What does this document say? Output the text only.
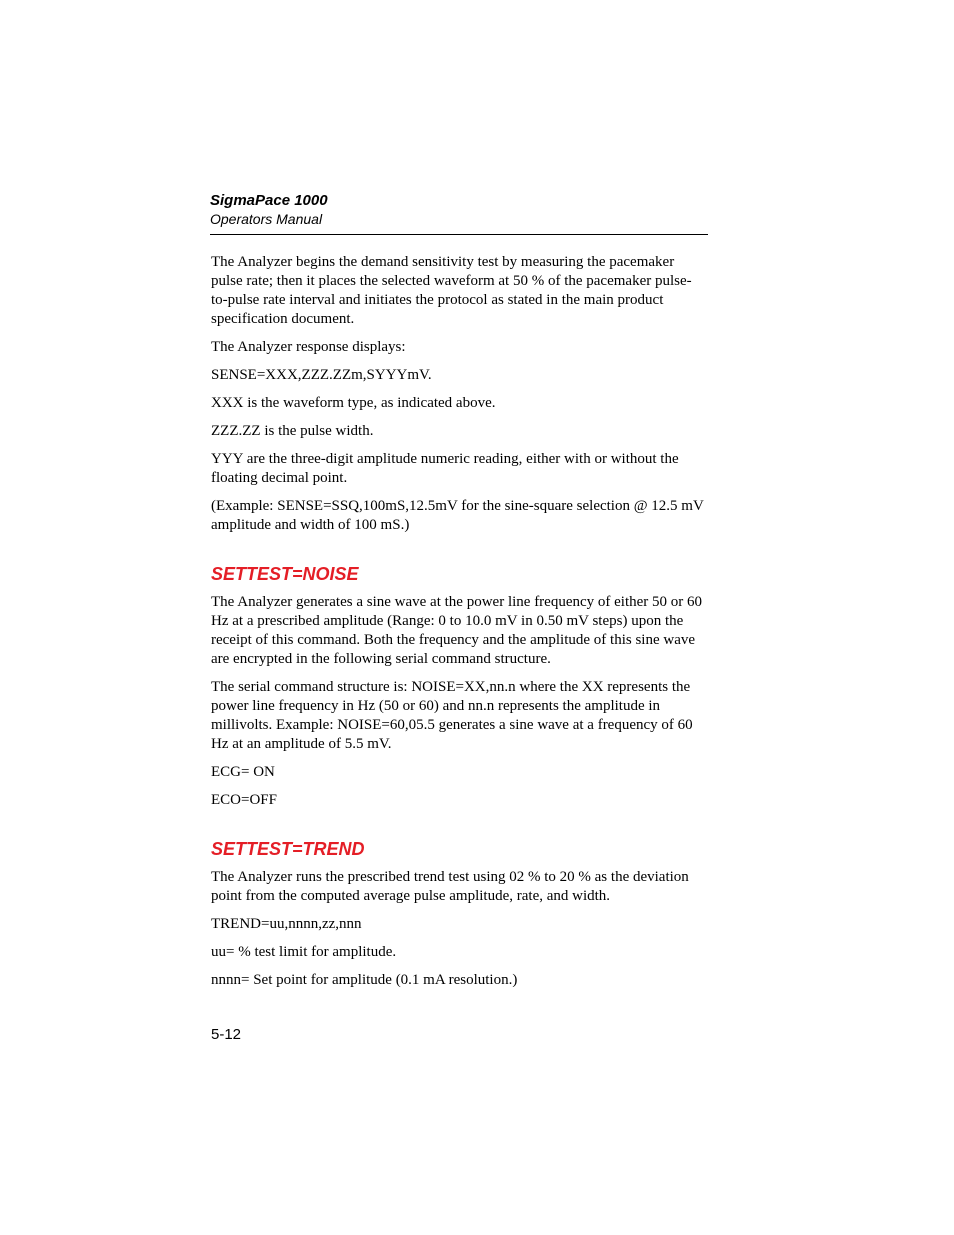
SigmaPace 1000
Operators Manual

The Analyzer begins the demand sensitivity test by measuring the pacemaker pulse rate; then it places the selected waveform at 50 % of the pacemaker pulse-to-pulse rate interval and initiates the protocol as stated in the main product specification document.

The Analyzer response displays:

SENSE=XXX,ZZZ.ZZm,SYYYmV.

XXX is the waveform type, as indicated above.

ZZZ.ZZ is the pulse width.

YYY are the three-digit amplitude numeric reading, either with or without the floating decimal point.

(Example: SENSE=SSQ,100mS,12.5mV for the sine-square selection @ 12.5 mV amplitude and width of 100 mS.)

SETTEST=NOISE

The Analyzer generates a sine wave at the power line frequency of either 50 or 60 Hz at a prescribed amplitude (Range: 0 to 10.0 mV in 0.50 mV steps) upon the receipt of this command. Both the frequency and the amplitude of this sine wave are encrypted in the following serial command structure.

The serial command structure is: NOISE=XX,nn.n where the XX represents the power line frequency in Hz (50 or 60) and nn.n represents the amplitude in millivolts. Example: NOISE=60,05.5 generates a sine wave at a frequency of 60 Hz at an amplitude of 5.5 mV.

ECG= ON

ECO=OFF

SETTEST=TREND

The Analyzer runs the prescribed trend test using 02 % to 20 % as the deviation point from the computed average pulse amplitude, rate, and width.

TREND=uu,nnnn,zz,nnn

uu= % test limit for amplitude.

nnnn= Set point for amplitude (0.1 mA resolution.)

5-12
